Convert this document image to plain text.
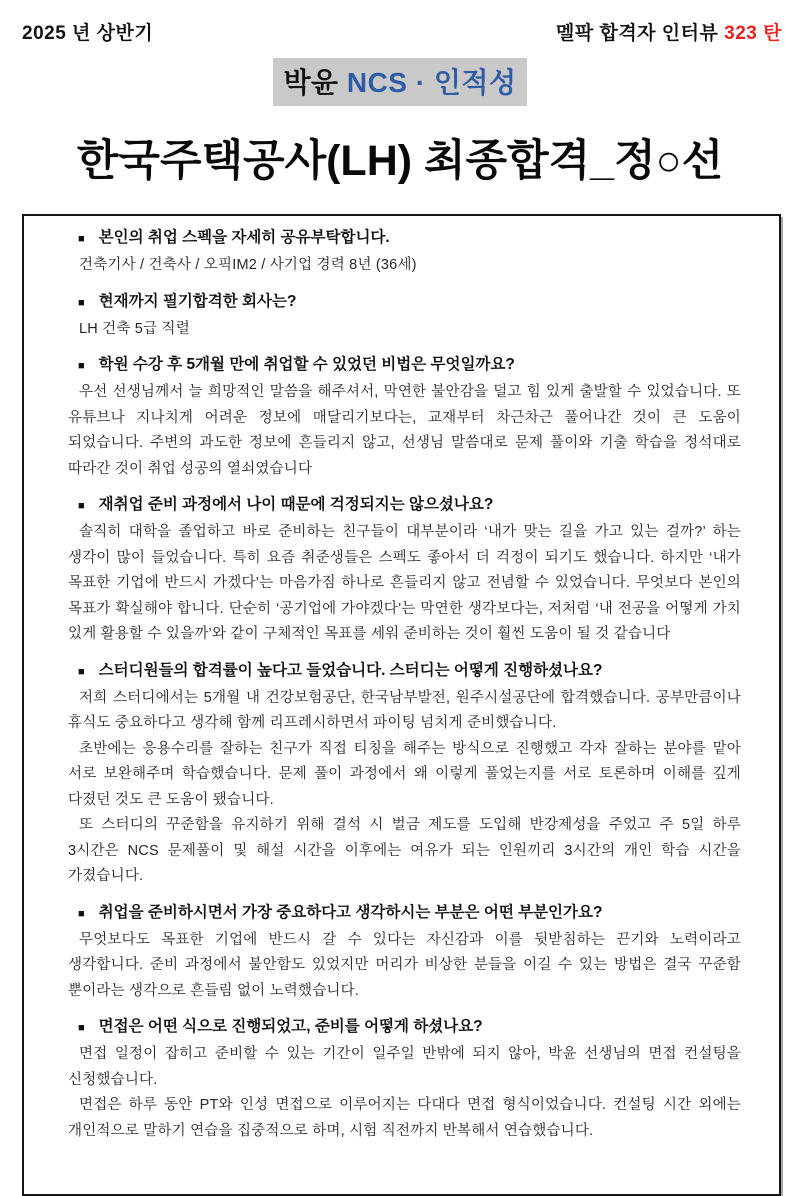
2025 년 상반기	멜팍 합격자 인터뷰 323 탄
박윤 NCS · 인적성
한국주택공사(LH) 최종합격_정○선
■ 본인의 취업 스펙을 자세히 공유부탁합니다.

건축기사 / 건축사 / 오픽IM2 / 사기업 경력 8년 (36세)

■ 현재까지 필기합격한 회사는?

LH 건축 5급 직렬

■ 학원 수강 후 5개월 만에 취업할 수 있었던 비법은 무엇일까요?

우선 선생님께서 늘 희망적인 말씀을 해주셔서, 막연한 불안감을 덜고 힘 있게 출발할 수 있었습니다. 또 유튜브나 지나치게 어려운 정보에 매달리기보다는, 교재부터 차근차근 풀어나간 것이 큰 도움이 되었습니다. 주변의 과도한 정보에 흔들리지 않고, 선생님 말씀대로 문제 풀이와 기출 학습을 정석대로 따라간 것이 취업 성공의 열쇠였습니다

■ 재취업 준비 과정에서 나이 때문에 걱정되지는 않으셨나요?

솔직히 대학을 졸업하고 바로 준비하는 친구들이 대부분이라 ‘내가 맞는 길을 가고 있는 걸까?’ 하는 생각이 많이 들었습니다. 특히 요즘 취준생들은 스펙도 좋아서 더 걱정이 되기도 했습니다. 하지만 ‘내가 목표한 기업에 반드시 가겠다’는 마음가짐 하나로 흔들리지 않고 전념할 수 있었습니다. 무엇보다 본인의 목표가 확실해야 합니다. 단순히 ‘공기업에 가야겠다’는 막연한 생각보다는, 저처럼 ‘내 전공을 어떻게 가치 있게 활용할 수 있을까’와 같이 구체적인 목표를 세워 준비하는 것이 훨씬 도움이 될 것 같습니다

■ 스터디원들의 합격률이 높다고 들었습니다. 스터디는 어떻게 진행하셨나요?

저희 스터디에서는 5개월 내 건강보험공단, 한국남부발전, 원주시설공단에 합격했습니다. 공부만큼이나 휴식도 중요하다고 생각해 함께 리프레시하면서 파이팅 넘치게 준비했습니다.

초반에는 응용수리를 잘하는 친구가 직접 티칭을 해주는 방식으로 진행했고 각자 잘하는 분야를 맡아 서로 보완해주며 학습했습니다. 문제 풀이 과정에서 왜 이렇게 풀었는지를 서로 토론하며 이해를 깊게 다졌던 것도 큰 도움이 됐습니다.

또 스터디의 꾸준함을 유지하기 위해 결석 시 벌금 제도를 도입해 반강제성을 주었고 주 5일 하루 3시간은 NCS 문제풀이 및 해설 시간을 이후에는 여유가 되는 인원끼리 3시간의 개인 학습 시간을 가졌습니다.

■ 취업을 준비하시면서 가장 중요하다고 생각하시는 부분은 어떤 부분인가요?

무엇보다도 목표한 기업에 반드시 갈 수 있다는 자신감과 이를 뒷받침하는 끈기와 노력이라고 생각합니다. 준비 과정에서 불안함도 있었지만 머리가 비상한 분들을 이길 수 있는 방법은 결국 꾸준함 뿐이라는 생각으로 흔들림 없이 노력했습니다.

■ 면접은 어떤 식으로 진행되었고, 준비를 어떻게 하셨나요?

면접 일정이 잡히고 준비할 수 있는 기간이 일주일 반밖에 되지 않아, 박윤 선생님의 면접 컨설팅을 신청했습니다.

면접은 하루 동안 PT와 인성 면접으로 이루어지는 다대다 면접 형식이었습니다. 컨설팅 시간 외에는 개인적으로 말하기 연습을 집중적으로 하며, 시험 직전까지 반복해서 연습했습니다.
